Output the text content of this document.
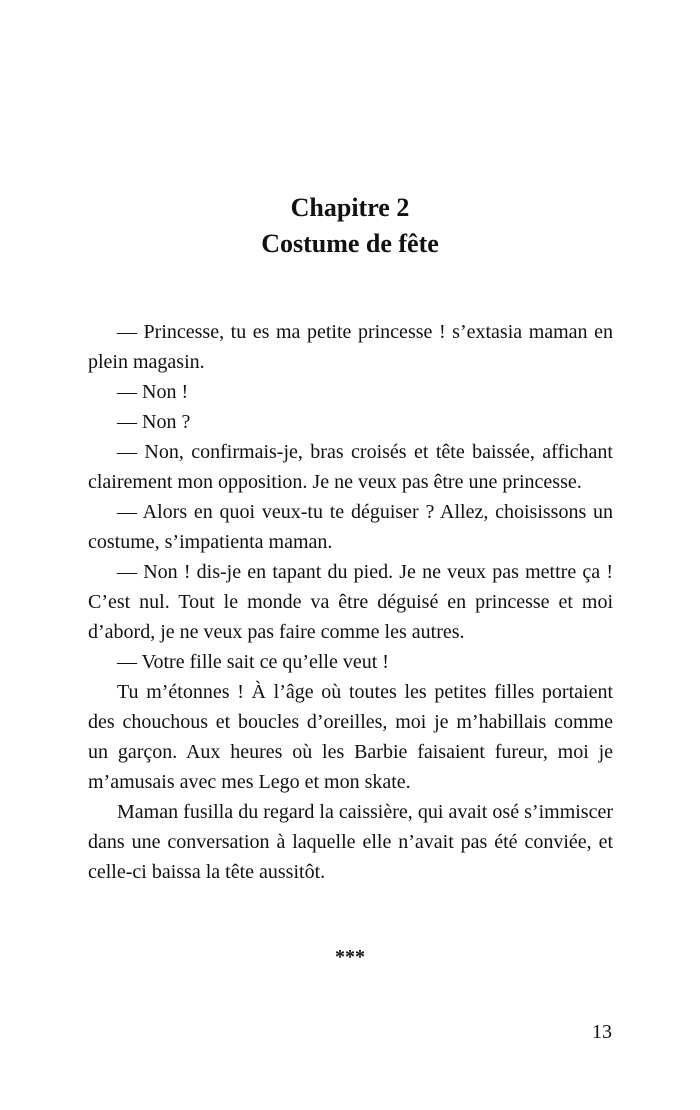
Chapitre 2
Costume de fête

— Princesse, tu es ma petite princesse ! s’extasia maman en plein magasin.

— Non !

— Non ?

— Non, confirmais-je, bras croisés et tête baissée, affichant clairement mon opposition. Je ne veux pas être une princesse.

— Alors en quoi veux-tu te déguiser ? Allez, choisissons un costume, s’impatienta maman.

— Non ! dis-je en tapant du pied. Je ne veux pas mettre ça ! C’est nul. Tout le monde va être déguisé en princesse et moi d’abord, je ne veux pas faire comme les autres.

— Votre fille sait ce qu’elle veut !

Tu m’étonnes ! À l’âge où toutes les petites filles portaient des chouchous et boucles d’oreilles, moi je m’habillais comme un garçon. Aux heures où les Barbie faisaient fureur, moi je m’amusais avec mes Lego et mon skate.

Maman fusilla du regard la caissière, qui avait osé s’immiscer dans une conversation à laquelle elle n’avait pas été conviée, et celle-ci baissa la tête aussitôt.

***
13
